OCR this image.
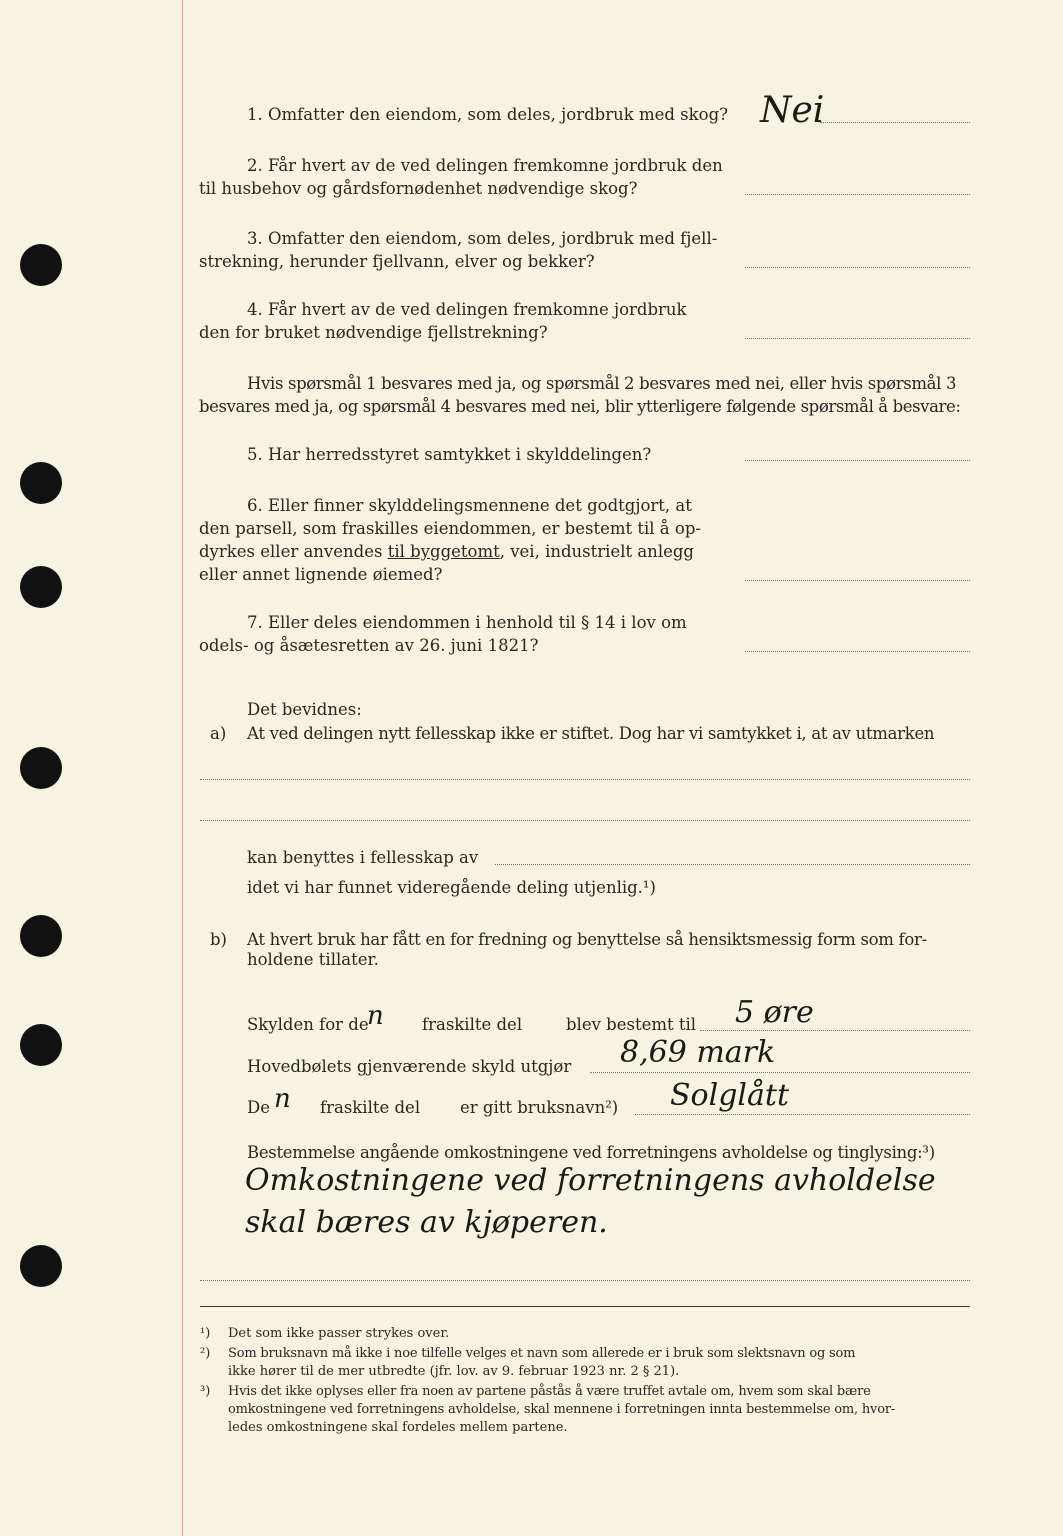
1. Omfatter den eiendom, som deles, jordbruk med skog? Nei
2. Får hvert av de ved delingen fremkomne jordbruk den
til husbehov og gårdsfornødenhet nødvendige skog?
3. Omfatter den eiendom, som deles, jordbruk med fjell-
strekning, herunder fjellvann, elver og bekker?
4. Får hvert av de ved delingen fremkomne jordbruk
den for bruket nødvendige fjellstrekning?
Hvis spørsmål 1 besvares med ja, og spørsmål 2 besvares med nei, eller hvis spørsmål 3
besvares med ja, og spørsmål 4 besvares med nei, blir ytterligere følgende spørsmål å besvare:
5. Har herredsstyret samtykket i skylddelingen?
6. Eller finner skylddelingsmennene det godtgjort, at
den parsell, som fraskilles eiendommen, er bestemt til å op-
dyrkes eller anvendes til byggetomt, vei, industrielt anlegg
eller annet lignende øiemed?
7. Eller deles eiendommen i henhold til § 14 i lov om
odels- og åsætesretten av 26. juni 1821?
Det bevidnes:
a) At ved delingen nytt fellesskap ikke er stiftet. Dog har vi samtykket i, at av utmarken
kan benyttes i fellesskap av
idet vi har funnet videregående deling utjenlig.¹)
b) At hvert bruk har fått en for fredning og benyttelse så hensiktsmessig form som for-
holdene tillater.
Skylden for de
n fraskilte del	blev bestemt til 5 øre
Hovedbølets gjenværende skyld utgjør 8,69 mark
De n fraskilte del er gitt bruksnavn²) Solglått
Bestemmelse angående omkostningene ved forretningens avholdelse og tinglysing:³)
Omkostningene ved forretningens avholdelse
skal bæres av kjøperen.
¹) Det som ikke passer strykes over.
²) Som bruksnavn må ikke i noe tilfelle velges et navn som allerede er i bruk som slektsnavn og som
ikke hører til de mer utbredte (jfr. lov. av 9. februar 1923 nr. 2 § 21).
³) Hvis det ikke oplyses eller fra noen av partene påstås å være truffet avtale om, hvem som skal bære
omkostningene ved forretningens avholdelse, skal mennene i forretningen innta bestemmelse om, hvor-
ledes omkostningene skal fordeles mellem partene.
